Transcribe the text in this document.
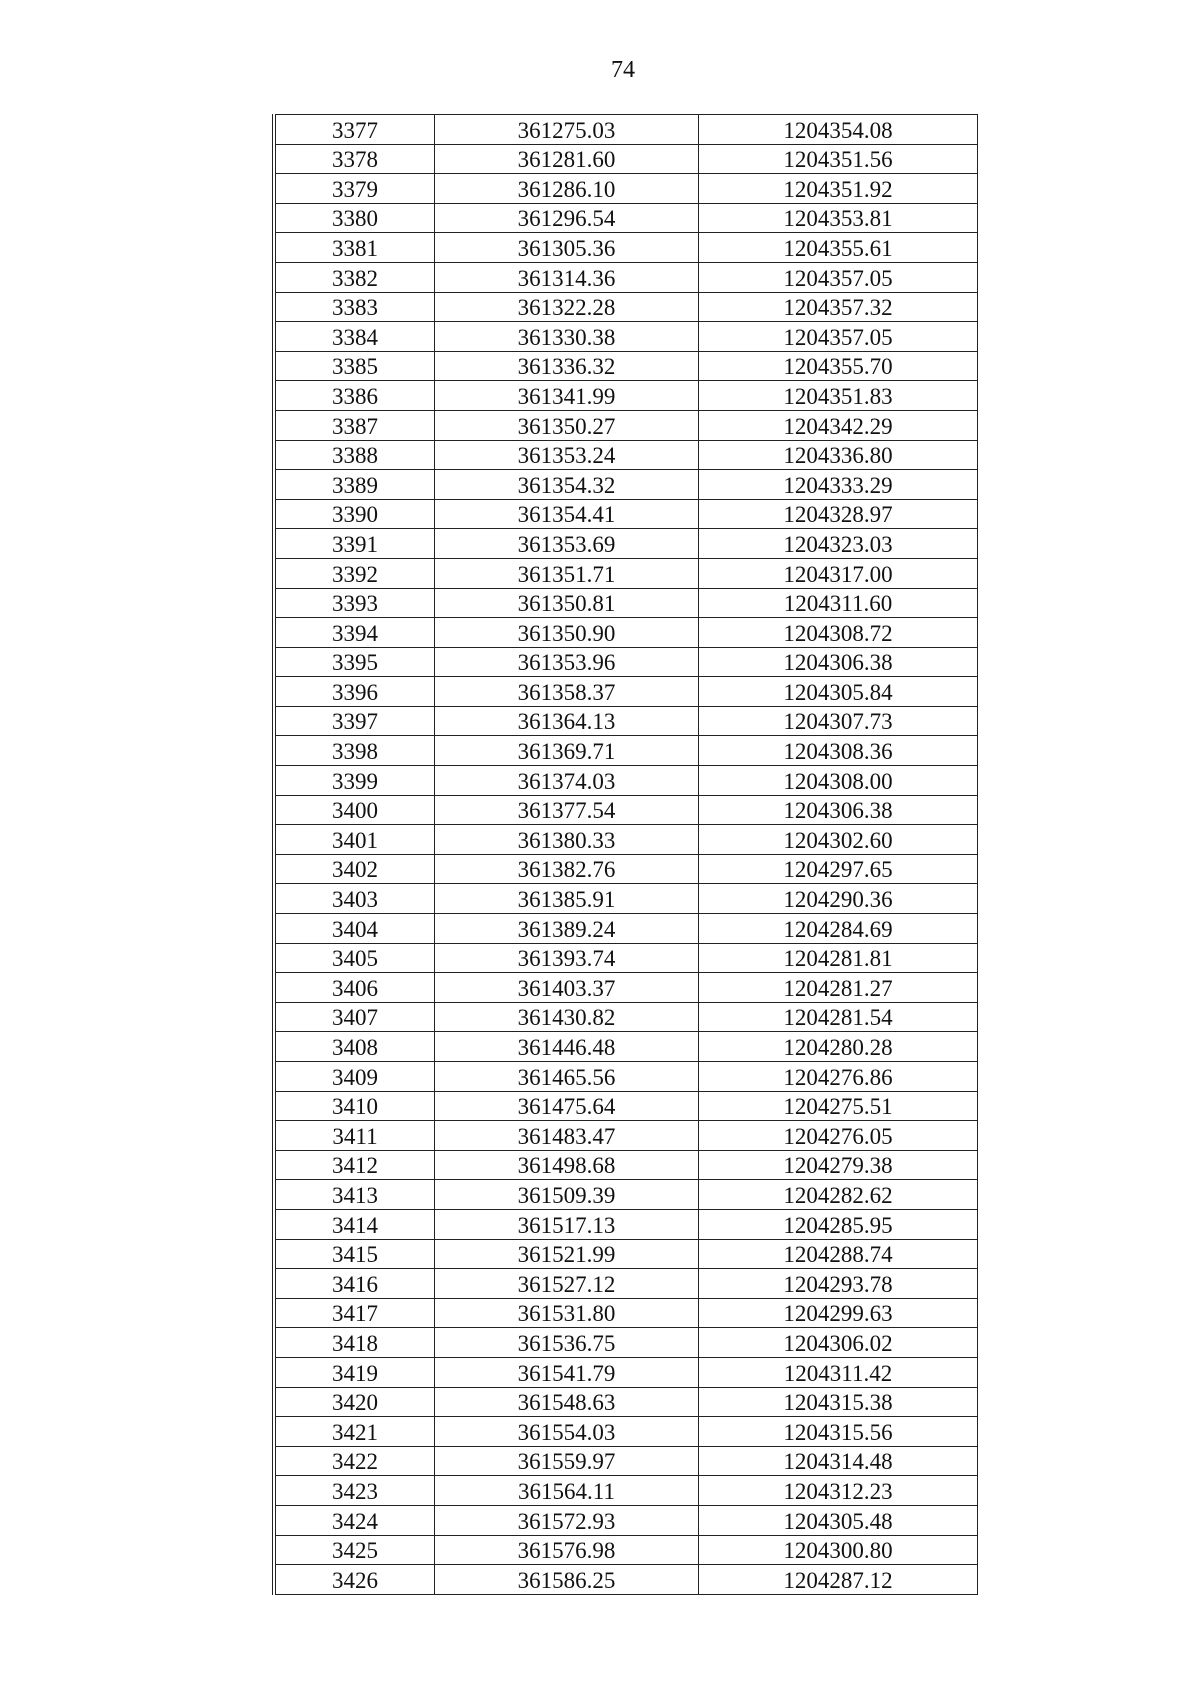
74
3377	361275.03	1204354.08
3378	361281.60	1204351.56
3379	361286.10	1204351.92
3380	361296.54	1204353.81
3381	361305.36	1204355.61
3382	361314.36	1204357.05
3383	361322.28	1204357.32
3384	361330.38	1204357.05
3385	361336.32	1204355.70
3386	361341.99	1204351.83
3387	361350.27	1204342.29
3388	361353.24	1204336.80
3389	361354.32	1204333.29
3390	361354.41	1204328.97
3391	361353.69	1204323.03
3392	361351.71	1204317.00
3393	361350.81	1204311.60
3394	361350.90	1204308.72
3395	361353.96	1204306.38
3396	361358.37	1204305.84
3397	361364.13	1204307.73
3398	361369.71	1204308.36
3399	361374.03	1204308.00
3400	361377.54	1204306.38
3401	361380.33	1204302.60
3402	361382.76	1204297.65
3403	361385.91	1204290.36
3404	361389.24	1204284.69
3405	361393.74	1204281.81
3406	361403.37	1204281.27
3407	361430.82	1204281.54
3408	361446.48	1204280.28
3409	361465.56	1204276.86
3410	361475.64	1204275.51
3411	361483.47	1204276.05
3412	361498.68	1204279.38
3413	361509.39	1204282.62
3414	361517.13	1204285.95
3415	361521.99	1204288.74
3416	361527.12	1204293.78
3417	361531.80	1204299.63
3418	361536.75	1204306.02
3419	361541.79	1204311.42
3420	361548.63	1204315.38
3421	361554.03	1204315.56
3422	361559.97	1204314.48
3423	361564.11	1204312.23
3424	361572.93	1204305.48
3425	361576.98	1204300.80
3426	361586.25	1204287.12
